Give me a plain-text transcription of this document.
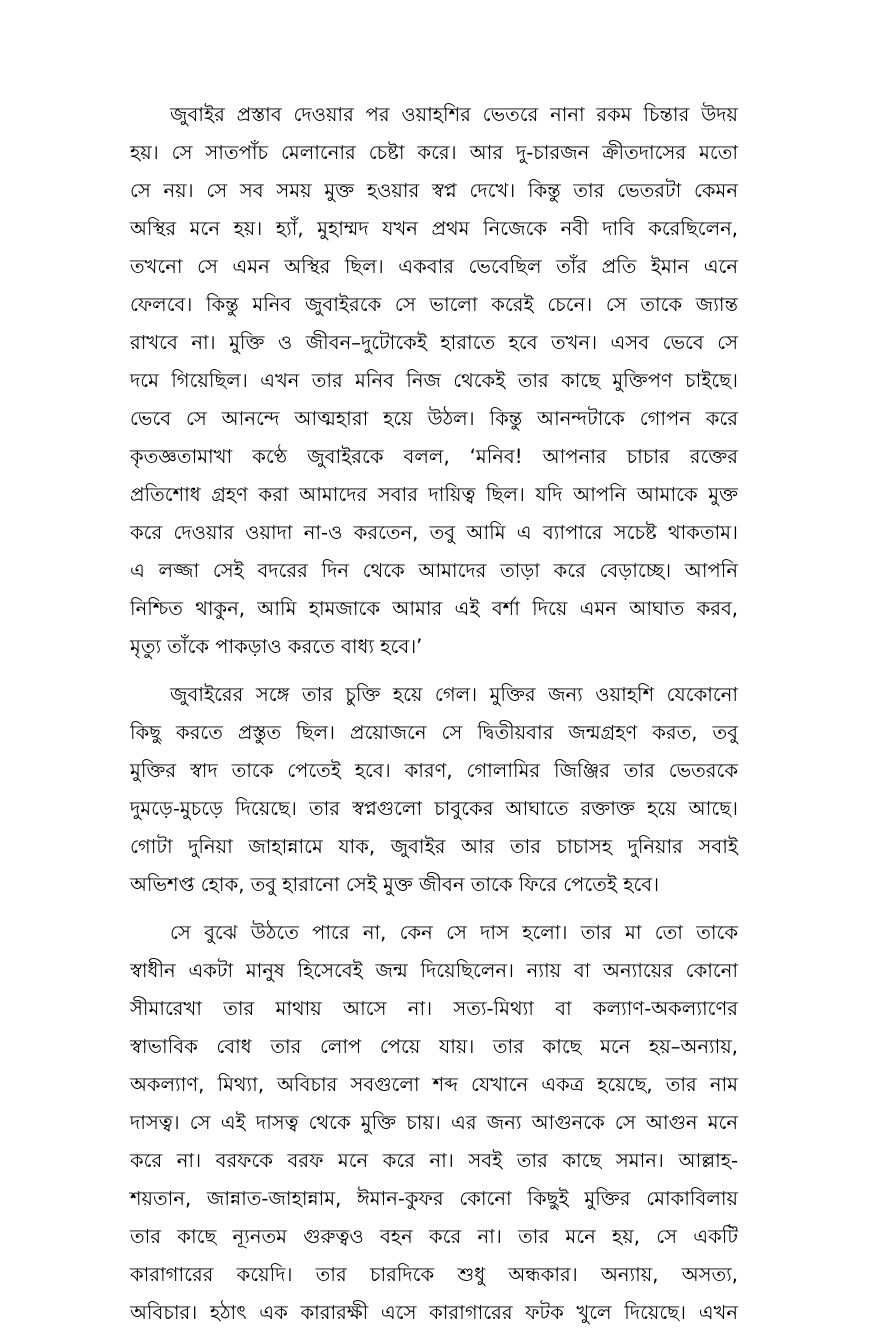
জুবাইর প্রস্তাব দেওয়ার পর ওয়াহশির ভেতরে নানা রকম চিন্তার উদয়
হয়। সে সাতপাঁচ মেলানোর চেষ্টা করে। আর দু-চারজন ক্রীতদাসের মতো
সে নয়। সে সব সময় মুক্ত হওয়ার স্বপ্ন দেখে। কিন্তু তার ভেতরটা কেমন
অস্থির মনে হয়। হ্যাঁ, মুহাম্মদ যখন প্রথম নিজেকে নবী দাবি করেছিলেন,
তখনো সে এমন অস্থির ছিল। একবার ভেবেছিল তাঁর প্রতি ইমান এনে
ফেলবে। কিন্তু মনিব জুবাইরকে সে ভালো করেই চেনে। সে তাকে জ্যান্ত
রাখবে না। মুক্তি ও জীবন–দুটোকেই হারাতে হবে তখন। এসব ভেবে সে
দমে গিয়েছিল। এখন তার মনিব নিজ থেকেই তার কাছে মুক্তিপণ চাইছে।
ভেবে সে আনন্দে আত্মহারা হয়ে উঠল। কিন্তু আনন্দটাকে গোপন করে
কৃতজ্ঞতামাখা কণ্ঠে জুবাইরকে বলল, ‘মনিব! আপনার চাচার রক্তের
প্রতিশোধ গ্রহণ করা আমাদের সবার দায়িত্ব ছিল। যদি আপনি আমাকে মুক্ত
করে দেওয়ার ওয়াদা না-ও করতেন, তবু আমি এ ব্যাপারে সচেষ্ট থাকতাম।
এ লজ্জা সেই বদরের দিন থেকে আমাদের তাড়া করে বেড়াচ্ছে। আপনি
নিশ্চিত থাকুন, আমি হামজাকে আমার এই বর্শা দিয়ে এমন আঘাত করব,
মৃত্যু তাঁকে পাকড়াও করতে বাধ্য হবে।’
জুবাইরের সঙ্গে তার চুক্তি হয়ে গেল। মুক্তির জন্য ওয়াহশি যেকোনো
কিছু করতে প্রস্তুত ছিল। প্রয়োজনে সে দ্বিতীয়বার জন্মগ্রহণ করত, তবু
মুক্তির স্বাদ তাকে পেতেই হবে। কারণ, গোলামির জিঞ্জির তার ভেতরকে
দুমড়ে-মুচড়ে দিয়েছে। তার স্বপ্নগুলো চাবুকের আঘাতে রক্তাক্ত হয়ে আছে।
গোটা দুনিয়া জাহান্নামে যাক, জুবাইর আর তার চাচাসহ দুনিয়ার সবাই
অভিশপ্ত হোক, তবু হারানো সেই মুক্ত জীবন তাকে ফিরে পেতেই হবে।
সে বুঝে উঠতে পারে না, কেন সে দাস হলো। তার মা তো তাকে
স্বাধীন একটা মানুষ হিসেবেই জন্ম দিয়েছিলেন। ন্যায় বা অন্যায়ের কোনো
সীমারেখা তার মাথায় আসে না। সত্য-মিথ্যা বা কল্যাণ-অকল্যাণের
স্বাভাবিক বোধ তার লোপ পেয়ে যায়। তার কাছে মনে হয়–অন্যায়,
অকল্যাণ, মিথ্যা, অবিচার সবগুলো শব্দ যেখানে একত্র হয়েছে, তার নাম
দাসত্ব। সে এই দাসত্ব থেকে মুক্তি চায়। এর জন্য আগুনকে সে আগুন মনে
করে না। বরফকে বরফ মনে করে না। সবই তার কাছে সমান। আল্লাহ-
শয়তান, জান্নাত-জাহান্নাম, ঈমান-কুফর কোনো কিছুই মুক্তির মোকাবিলায়
তার কাছে ন্যূনতম গুরুত্বও বহন করে না। তার মনে হয়, সে একটি
কারাগারের কয়েদি। তার চারদিকে শুধু অন্ধকার। অন্যায়, অসত্য,
অবিচার। হঠাৎ এক কারারক্ষী এসে কারাগারের ফটক খুলে দিয়েছে। এখন
